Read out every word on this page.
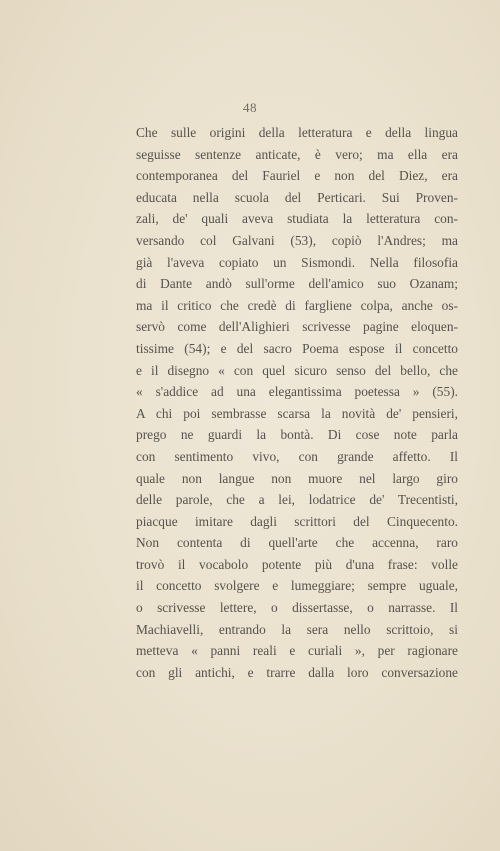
48
Che sulle origini della letteratura e della lingua
seguisse sentenze anticate, è vero; ma ella era
contemporanea del Fauriel e non del Diez, era
educata nella scuola del Perticari. Sui Proven-
zali, de' quali aveva studiata la letteratura con-
versando col Galvani (53), copiò l'Andres; ma
già l'aveva copiato un Sismondi. Nella filosofia
di Dante andò sull'orme dell'amico suo Ozanam;
ma il critico che credè di fargliene colpa, anche os-
servò come dell'Alighieri scrivesse pagine eloquen-
tissime (54); e del sacro Poema espose il concetto
e il disegno « con quel sicuro senso del bello, che
« s'addice ad una elegantissima poetessa » (55).
A chi poi sembrasse scarsa la novità de' pensieri,
prego ne guardi la bontà. Di cose note parla
con sentimento vivo, con grande affetto. Il
quale non langue non muore nel largo giro
delle parole, che a lei, lodatrice de' Trecentisti,
piacque imitare dagli scrittori del Cinquecento.
Non contenta di quell'arte che accenna, raro
trovò il vocabolo potente più d'una frase: volle
il concetto svolgere e lumeggiare; sempre uguale,
o scrivesse lettere, o dissertasse, o narrasse. Il
Machiavelli, entrando la sera nello scrittoio, si
metteva « panni reali e curiali », per ragionare
con gli antichi, e trarre dalla loro conversazione
